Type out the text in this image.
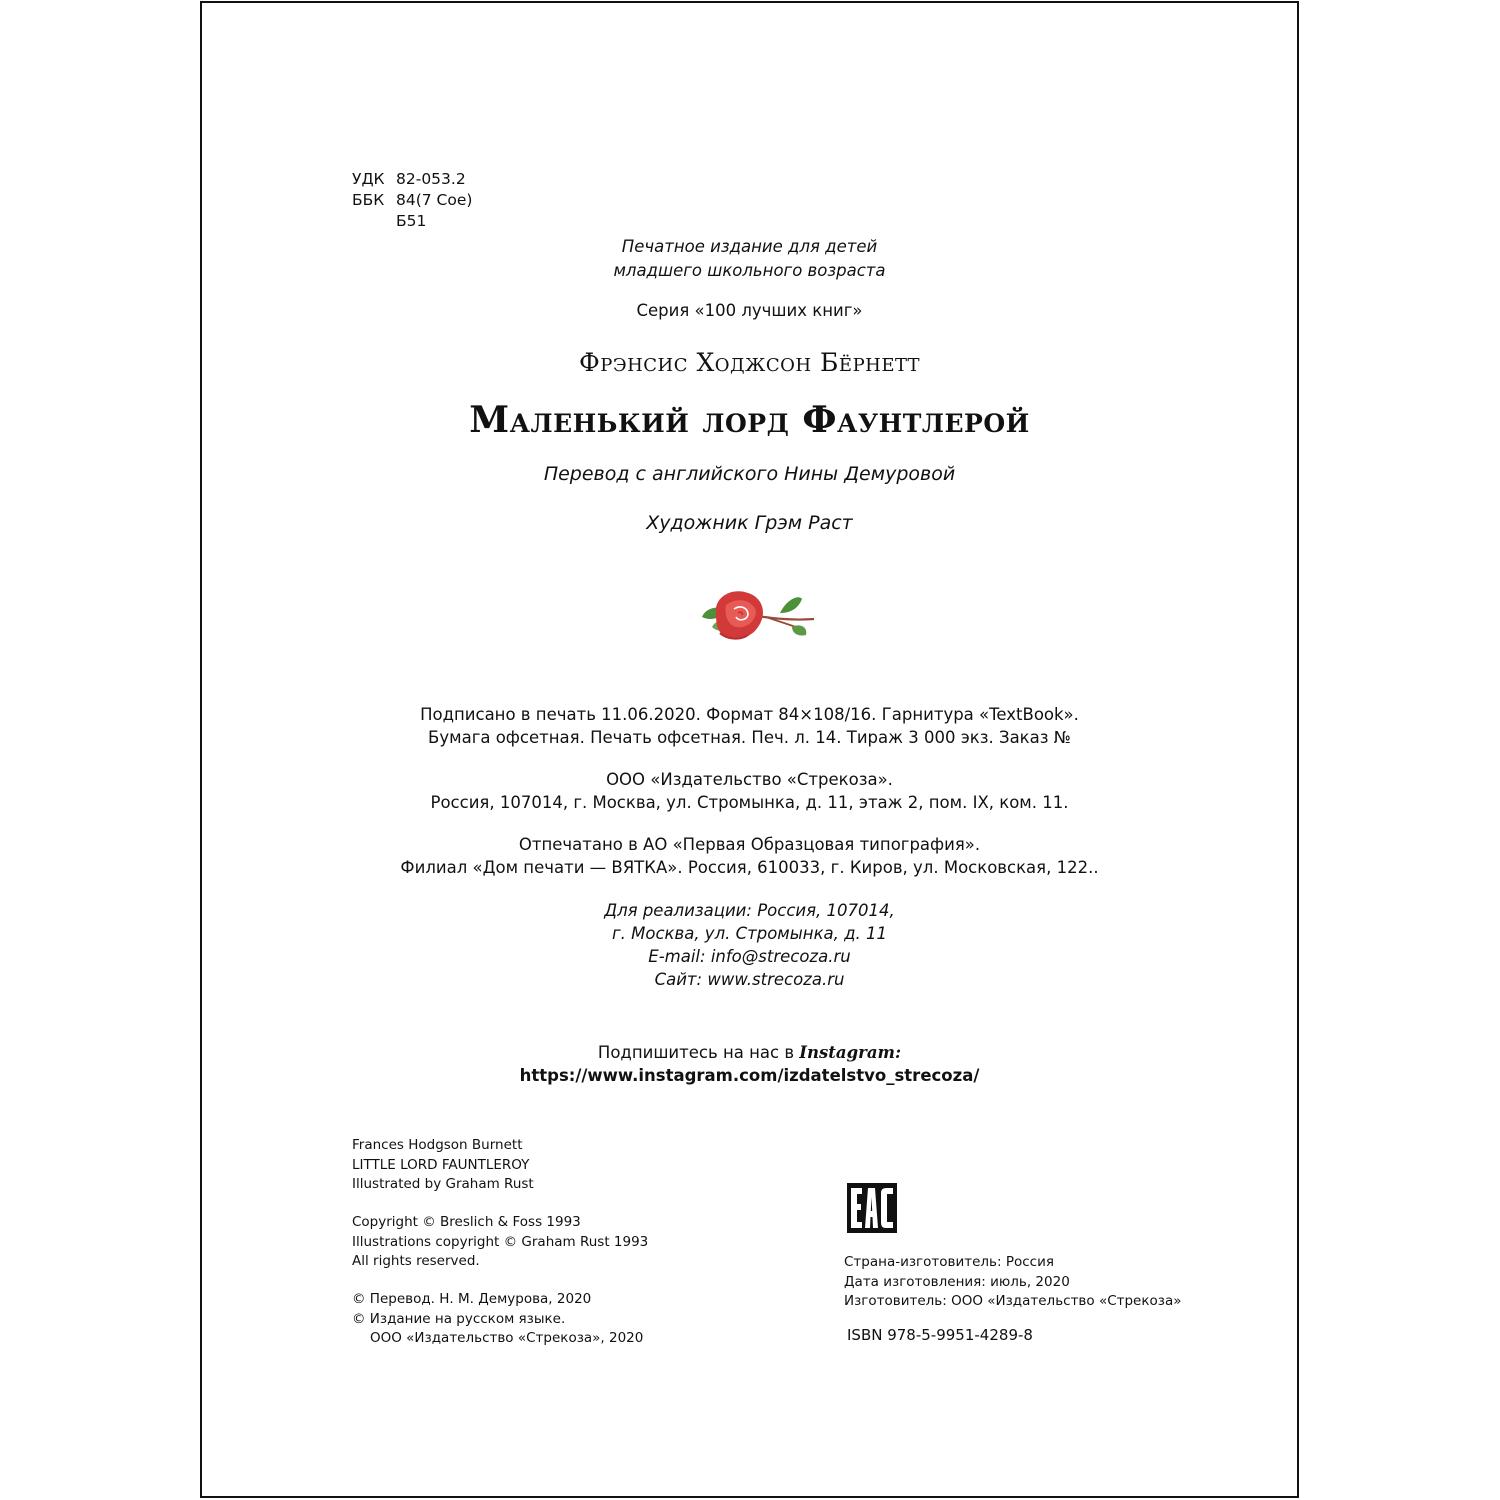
УДК 82-053.2
ББК 84(7 Сое)
Б51
Печатное издание для детей
младшего школьного возраста
Серия «100 лучших книг»
Фрэнсис Ходжсон Бёрнетт
Маленький лорд Фаунтлерой
Перевод с английского Нины Демуровой
Художник Грэм Раст
Подписано в печать 11.06.2020. Формат 84×108/16. Гарнитура «TextBook».
Бумага офсетная. Печать офсетная. Печ. л. 14. Тираж 3 000 экз. Заказ №
ООО «Издательство «Стрекоза».
Россия, 107014, г. Москва, ул. Стромынка, д. 11, этаж 2, пом. IX, ком. 11.
Отпечатано в АО «Первая Образцовая типография».
Филиал «Дом печати — ВЯТКА». Россия, 610033, г. Киров, ул. Московская, 122..
Для реализации: Россия, 107014,
г. Москва, ул. Стромынка, д. 11
E-mail: info@strecoza.ru
Сайт: www.strecoza.ru
Подпишитесь на нас в Instagram:
https://www.instagram.com/izdatelstvo_strecoza/
Frances Hodgson Burnett
LITTLE LORD FAUNTLEROY
Illustrated by Graham Rust
Copyright © Breslich & Foss 1993
Illustrations copyright © Graham Rust 1993
All rights reserved.
© Перевод. Н. М. Демурова, 2020
© Издание на русском языке.
ООО «Издательство «Стрекоза», 2020
Страна-изготовитель: Россия
Дата изготовления: июль, 2020
Изготовитель: ООО «Издательство «Стрекоза»
ISBN 978-5-9951-4289-8
